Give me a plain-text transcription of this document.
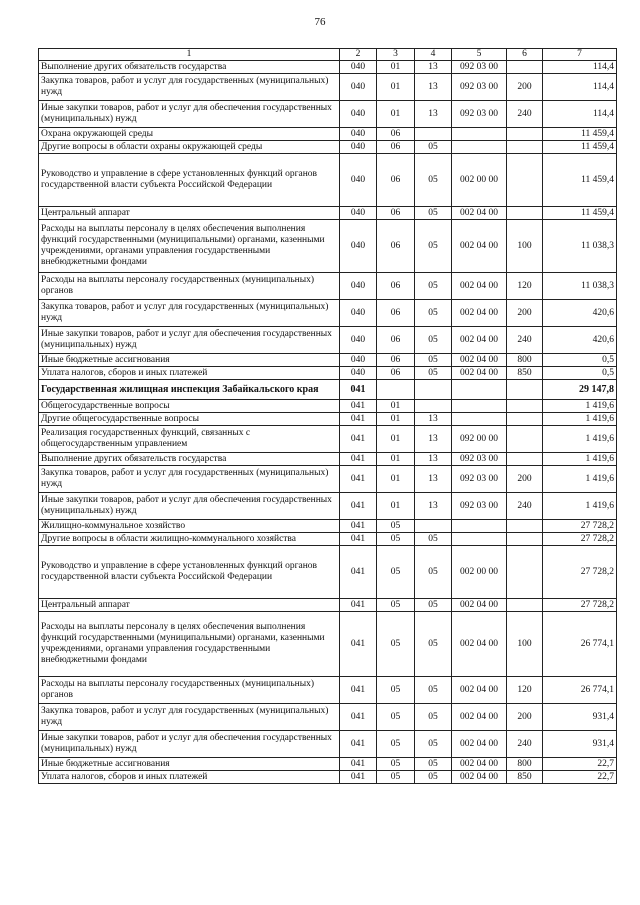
76
1	2	3	4	5	6	7
Выполнение других обязательств государства	040	01	13	092 03 00		114,4
Закупка товаров, работ и услуг для государственных (муниципальных) нужд	040	01	13	092 03 00	200	114,4
Иные закупки товаров, работ и услуг для обеспечения государственных (муниципальных) нужд	040	01	13	092 03 00	240	114,4
Охрана окружающей среды	040	06				11 459,4
Другие вопросы в области охраны окружающей среды	040	06	05			11 459,4
Руководство и управление в сфере установленных функций органов государственной власти субъекта Российской Федерации	040	06	05	002 00 00		11 459,4
Центральный аппарат	040	06	05	002 04 00		11 459,4
Расходы на выплаты персоналу в целях обеспечения выполнения функций государственными (муниципальными) органами, казенными учреждениями, органами управления государственными внебюджетными фондами	040	06	05	002 04 00	100	11 038,3
Расходы на выплаты персоналу государственных (муниципальных) органов	040	06	05	002 04 00	120	11 038,3
Закупка товаров, работ и услуг для государственных (муниципальных) нужд	040	06	05	002 04 00	200	420,6
Иные закупки товаров, работ и услуг для обеспечения государственных (муниципальных) нужд	040	06	05	002 04 00	240	420,6
Иные бюджетные ассигнования	040	06	05	002 04 00	800	0,5
Уплата налогов, сборов и иных платежей	040	06	05	002 04 00	850	0,5
Государственная жилищная инспекция Забайкальского края	041					29 147,8
Общегосударственные вопросы	041	01				1 419,6
Другие общегосударственные вопросы	041	01	13			1 419,6
Реализация государственных функций, связанных с общегосударственным управлением	041	01	13	092 00 00		1 419,6
Выполнение других обязательств государства	041	01	13	092 03 00		1 419,6
Закупка товаров, работ и услуг для государственных (муниципальных) нужд	041	01	13	092 03 00	200	1 419,6
Иные закупки товаров, работ и услуг для обеспечения государственных (муниципальных) нужд	041	01	13	092 03 00	240	1 419,6
Жилищно-коммунальное хозяйство	041	05				27 728,2
Другие вопросы в области жилищно-коммунального хозяйства	041	05	05			27 728,2
Руководство и управление в сфере установленных функций органов государственной власти субъекта Российской Федерации	041	05	05	002 00 00		27 728,2
Центральный аппарат	041	05	05	002 04 00		27 728,2
Расходы на выплаты персоналу в целях обеспечения выполнения функций государственными (муниципальными) органами, казенными учреждениями, органами управления государственными внебюджетными фондами	041	05	05	002 04 00	100	26 774,1
Расходы на выплаты персоналу государственных (муниципальных) органов	041	05	05	002 04 00	120	26 774,1
Закупка товаров, работ и услуг для государственных (муниципальных) нужд	041	05	05	002 04 00	200	931,4
Иные закупки товаров, работ и услуг для обеспечения государственных (муниципальных) нужд	041	05	05	002 04 00	240	931,4
Иные бюджетные ассигнования	041	05	05	002 04 00	800	22,7
Уплата налогов, сборов и иных платежей	041	05	05	002 04 00	850	22,7
